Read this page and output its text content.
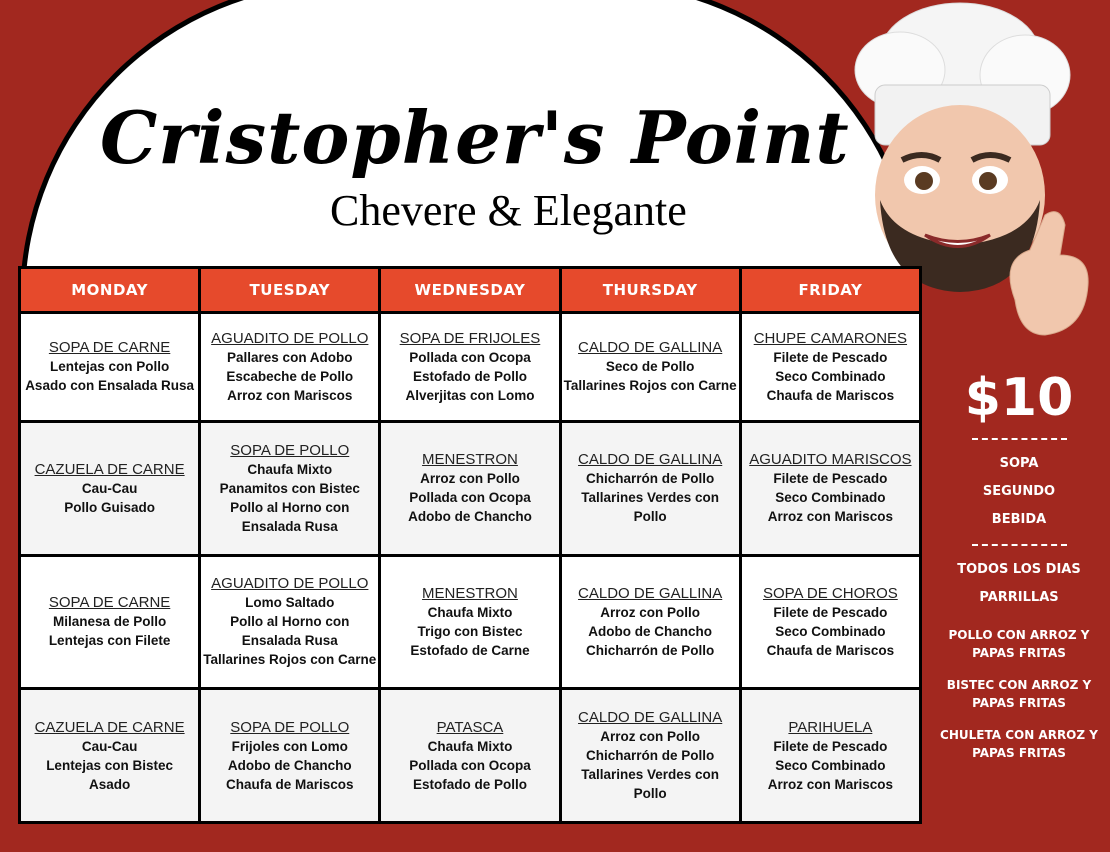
Cristopher's Point
Chevere & Elegante
MONDAY	TUESDAY	WEDNESDAY	THURSDAY	FRIDAY

SOPA DE CARNE
Lentejas con Pollo
Asado con Ensalada Rusa	AGUADITO DE POLLO
Pallares con Adobo
Escabeche de Pollo
Arroz con Mariscos	SOPA DE FRIJOLES
Pollada con Ocopa
Estofado de Pollo
Alverjitas con Lomo	CALDO DE GALLINA
Seco de Pollo
Tallarines Rojos con Carne	CHUPE CAMARONES
Filete de Pescado
Seco Combinado
Chaufa de Mariscos

CAZUELA DE CARNE
Cau-Cau
Pollo Guisado	SOPA DE POLLO
Chaufa Mixto
Panamitos con Bistec
Pollo al Horno con Ensalada Rusa	MENESTRON
Arroz con Pollo
Pollada con Ocopa
Adobo de Chancho	CALDO DE GALLINA
Chicharrón de Pollo
Tallarines Verdes con Pollo	AGUADITO MARISCOS
Filete de Pescado
Seco Combinado
Arroz con Mariscos

SOPA DE CARNE
Milanesa de Pollo
Lentejas con Filete	AGUADITO DE POLLO
Lomo Saltado
Pollo al Horno con Ensalada Rusa
Tallarines Rojos con Carne	MENESTRON
Chaufa Mixto
Trigo con Bistec
Estofado de Carne	CALDO DE GALLINA
Arroz con Pollo
Adobo de Chancho
Chicharrón de Pollo	SOPA DE CHOROS
Filete de Pescado
Seco Combinado
Chaufa de Mariscos

CAZUELA DE CARNE
Cau-Cau
Lentejas con Bistec
Asado	SOPA DE POLLO
Frijoles con Lomo
Adobo de Chancho
Chaufa de Mariscos	PATASCA
Chaufa Mixto
Pollada con Ocopa
Estofado de Pollo	CALDO DE GALLINA
Arroz con Pollo
Chicharrón de Pollo
Tallarines Verdes con Pollo	PARIHUELA
Filete de Pescado
Seco Combinado
Arroz con Mariscos
$10
SOPA
SEGUNDO
BEBIDA
TODOS LOS DIAS
PARRILLAS
POLLO CON ARROZ Y PAPAS FRITAS
BISTEC CON ARROZ Y PAPAS FRITAS
CHULETA CON ARROZ Y PAPAS FRITAS
